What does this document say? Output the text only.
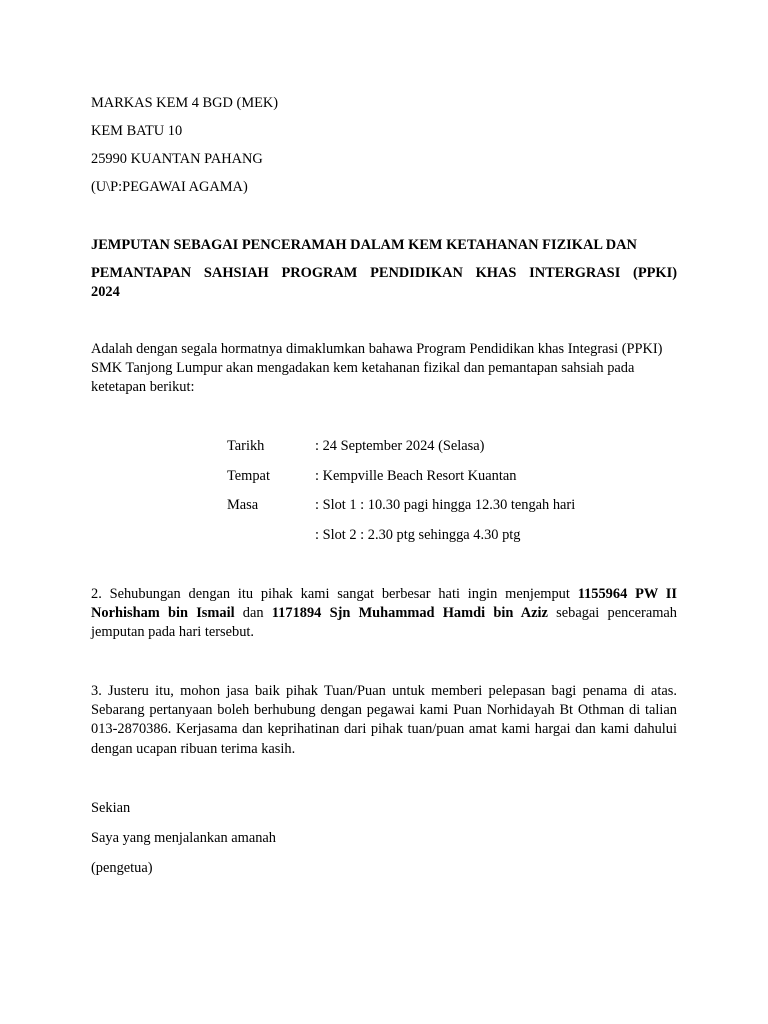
MARKAS KEM 4 BGD (MEK)
KEM BATU 10
25990 KUANTAN PAHANG
(U\P:PEGAWAI AGAMA)
JEMPUTAN SEBAGAI PENCERAMAH DALAM KEM KETAHANAN FIZIKAL DAN
PEMANTAPAN SAHSIAH PROGRAM PENDIDIKAN KHAS INTERGRASI (PPKI)
2024
Adalah dengan segala hormatnya dimaklumkan bahawa Program Pendidikan khas Integrasi (PPKI) SMK Tanjong Lumpur akan mengadakan kem ketahanan fizikal dan pemantapan sahsiah pada ketetapan berikut:
Tarikh	: 24 September 2024 (Selasa)
Tempat	: Kempville Beach Resort Kuantan
Masa	: Slot 1 : 10.30 pagi hingga 12.30 tengah hari
: Slot 2 : 2.30 ptg sehingga 4.30 ptg
2. Sehubungan dengan itu pihak kami sangat berbesar hati ingin menjemput 1155964 PW II Norhisham bin Ismail dan 1171894 Sjn Muhammad Hamdi bin Aziz sebagai penceramah jemputan pada hari tersebut.
3. Justeru itu, mohon jasa baik pihak Tuan/Puan untuk memberi pelepasan bagi penama di atas. Sebarang pertanyaan boleh berhubung dengan pegawai kami Puan Norhidayah Bt Othman di talian 013-2870386. Kerjasama dan keprihatinan dari pihak tuan/puan amat kami hargai dan kami dahului dengan ucapan ribuan terima kasih.
Sekian
Saya yang menjalankan amanah
(pengetua)
